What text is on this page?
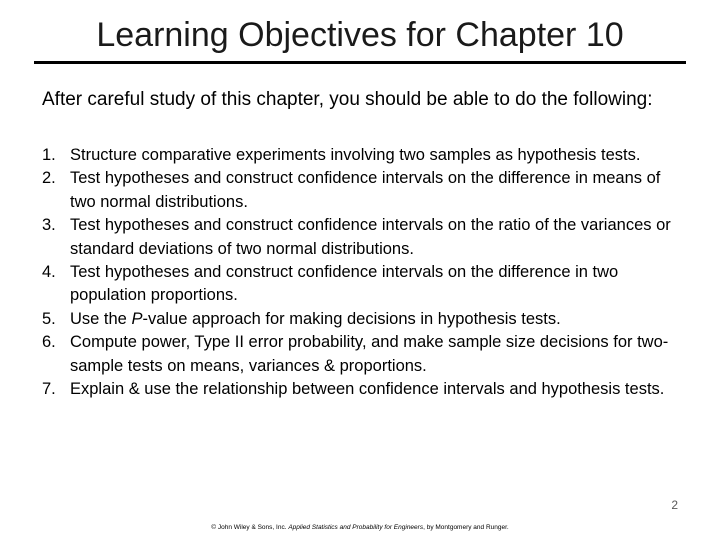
Learning Objectives for Chapter 10
After careful study of this chapter, you should be able to do the following:
1. Structure comparative experiments involving two samples as hypothesis tests.
2. Test hypotheses and construct confidence intervals on the difference in means of two normal distributions.
3. Test hypotheses and construct confidence intervals on the ratio of the variances or standard deviations of two normal distributions.
4. Test hypotheses and construct confidence intervals on the difference in two population proportions.
5. Use the P-value approach for making decisions in hypothesis tests.
6. Compute power, Type II error probability, and make sample size decisions for two-sample tests on means, variances & proportions.
7. Explain & use the relationship between confidence intervals and hypothesis tests.
2
© John Wiley & Sons, Inc. Applied Statistics and Probability for Engineers, by Montgomery and Runger.
